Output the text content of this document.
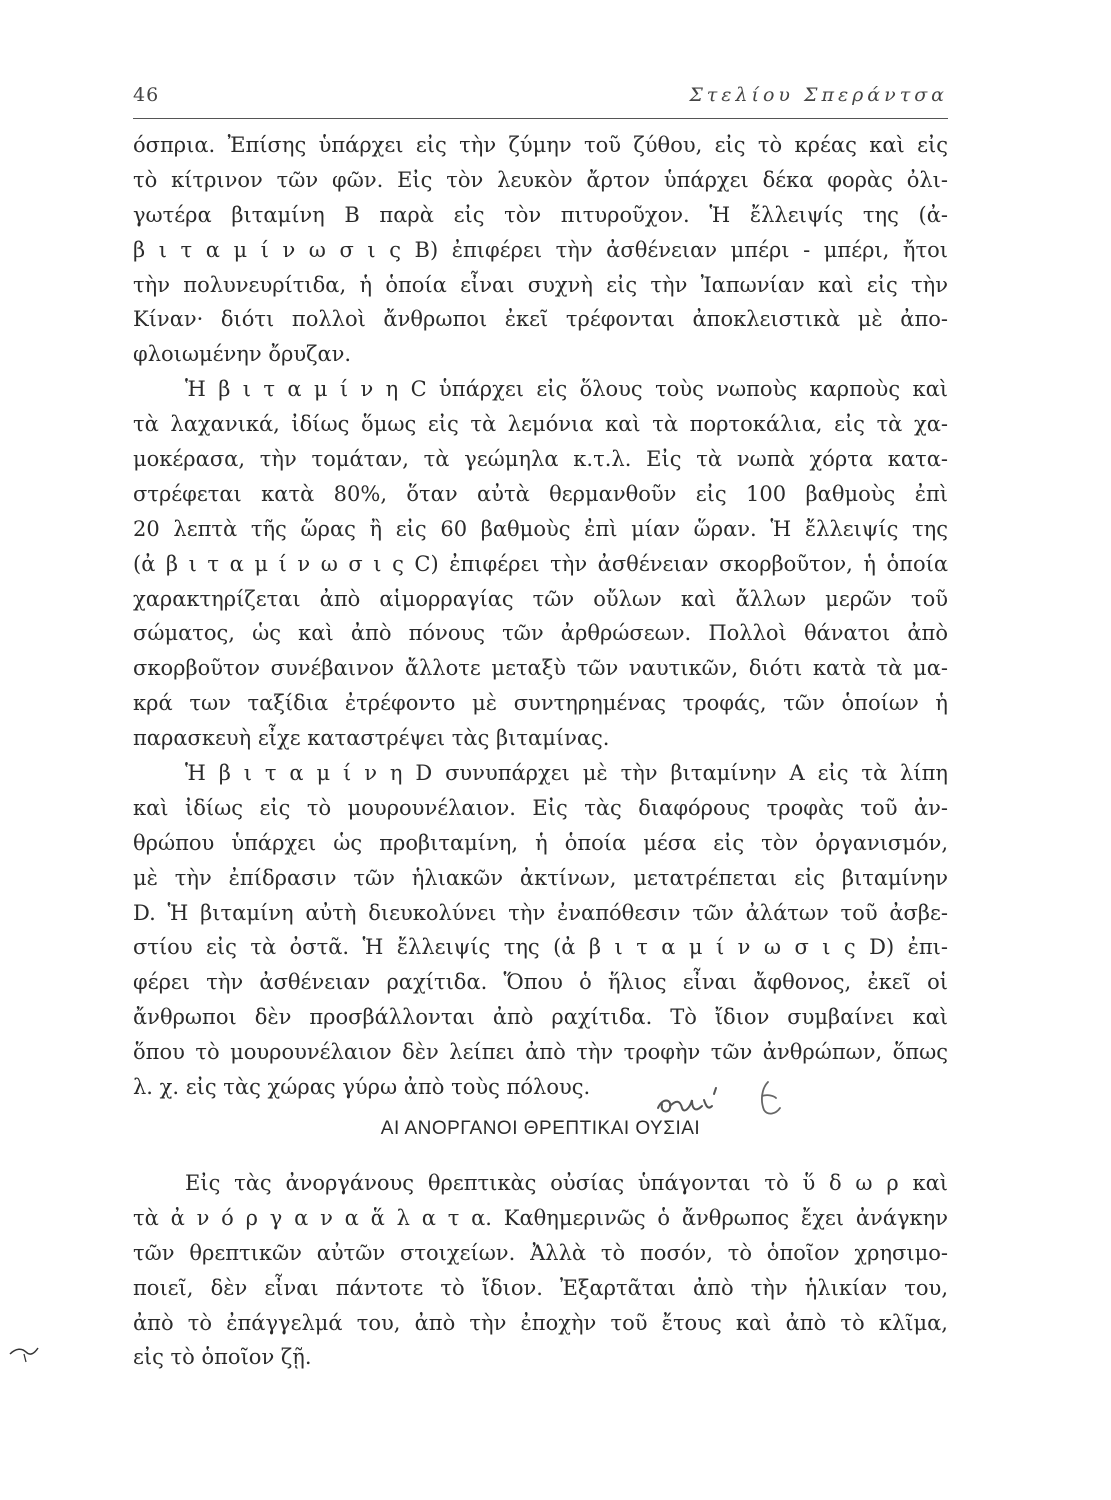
46	Στελίου Σπεράντσα
όσπρια. Ἐπίσης ὑπάρχει εἰς τὴν ζύμην τοῦ ζύθου, εἰς τὸ κρέας καὶ εἰς
τὸ κίτρινον τῶν φῶν. Εἰς τὸν λευκὸν ἄρτον ὑπάρχει δέκα φορὰς ὀλι-
γωτέρα βιταμίνη Β παρὰ εἰς τὸν πιτυροῦχον. Ἡ ἔλλειψίς της (ἀ-
β ι τ α μ ί ν ω σ ι ς Β) ἐπιφέρει τὴν ἀσθένειαν μπέρι - μπέρι, ἤτοι
τὴν πολυνευρίτιδα, ἡ ὁποία εἶναι συχνὴ εἰς τὴν Ἰαπωνίαν καὶ εἰς τὴν
Κίναν· διότι πολλοὶ ἄνθρωποι ἐκεῖ τρέφονται ἀποκλειστικὰ μὲ ἀπο-
φλοιωμένην ὄρυζαν.
Ἡ β ι τ α μ ί ν η C ὑπάρχει εἰς ὅλους τοὺς νωποὺς καρποὺς καὶ
τὰ λαχανικά, ἰδίως ὅμως εἰς τὰ λεμόνια καὶ τὰ πορτοκάλια, εἰς τὰ χα-
μοκέρασα, τὴν τομάταν, τὰ γεώμηλα κ.τ.λ. Εἰς τὰ νωπὰ χόρτα κατα-
στρέφεται κατὰ 80%, ὅταν αὐτὰ θερμανθοῦν εἰς 100 βαθμοὺς ἐπὶ
20 λεπτὰ τῆς ὥρας ἢ εἰς 60 βαθμοὺς ἐπὶ μίαν ὥραν. Ἡ ἔλλειψίς της
(ἀ β ι τ α μ ί ν ω σ ι ς C) ἐπιφέρει τὴν ἀσθένειαν σκορβοῦτον, ἡ ὁποία
χαρακτηρίζεται ἀπὸ αἱμορραγίας τῶν οὔλων καὶ ἄλλων μερῶν τοῦ
σώματος, ὡς καὶ ἀπὸ πόνους τῶν ἀρθρώσεων. Πολλοὶ θάνατοι ἀπὸ
σκορβοῦτον συνέβαινον ἄλλοτε μεταξὺ τῶν ναυτικῶν, διότι κατὰ τὰ μα-
κρά των ταξίδια ἐτρέφοντο μὲ συντηρημένας τροφάς, τῶν ὁποίων ἡ
παρασκευὴ εἶχε καταστρέψει τὰς βιταμίνας.
Ἡ β ι τ α μ ί ν η D συνυπάρχει μὲ τὴν βιταμίνην Α εἰς τὰ λίπη
καὶ ἰδίως εἰς τὸ μουρουνέλαιον. Εἰς τὰς διαφόρους τροφὰς τοῦ ἀν-
θρώπου ὑπάρχει ὡς προβιταμίνη, ἡ ὁποία μέσα εἰς τὸν ὀργανισμόν,
μὲ τὴν ἐπίδρασιν τῶν ἡλιακῶν ἀκτίνων, μετατρέπεται εἰς βιταμίνην
D. Ἡ βιταμίνη αὐτὴ διευκολύνει τὴν ἐναπόθεσιν τῶν ἀλάτων τοῦ ἀσβε-
στίου εἰς τὰ ὀστᾶ. Ἡ ἔλλειψίς της (ἀ β ι τ α μ ί ν ω σ ι ς D) ἐπι-
φέρει τὴν ἀσθένειαν ραχίτιδα. Ὅπου ὁ ἥλιος εἶναι ἄφθονος, ἐκεῖ οἱ
ἄνθρωποι δὲν προσβάλλονται ἀπὸ ραχίτιδα. Τὸ ἴδιον συμβαίνει καὶ
ὅπου τὸ μουρουνέλαιον δὲν λείπει ἀπὸ τὴν τροφὴν τῶν ἀνθρώπων, ὅπως
λ. χ. εἰς τὰς χώρας γύρω ἀπὸ τοὺς πόλους.
ΑΙ ΑΝΟΡΓΑΝΟΙ ΘΡΕΠΤΙΚΑΙ ΟΥΣΙΑΙ
Εἰς τὰς ἀνοργάνους θρεπτικὰς οὐσίας ὑπάγονται τὸ ὕ δ ω ρ καὶ
τὰ ἀ ν ό ρ γ α ν α ἅ λ α τ α. Καθημερινῶς ὁ ἄνθρωπος ἔχει ἀνάγκην
τῶν θρεπτικῶν αὐτῶν στοιχείων. Ἀλλὰ τὸ ποσόν, τὸ ὁποῖον χρησιμο-
ποιεῖ, δὲν εἶναι πάντοτε τὸ ἴδιον. Ἐξαρτᾶται ἀπὸ τὴν ἡλικίαν του,
ἀπὸ τὸ ἐπάγγελμά του, ἀπὸ τὴν ἐποχὴν τοῦ ἔτους καὶ ἀπὸ τὸ κλῖμα,
εἰς τὸ ὁποῖον ζῇ.
